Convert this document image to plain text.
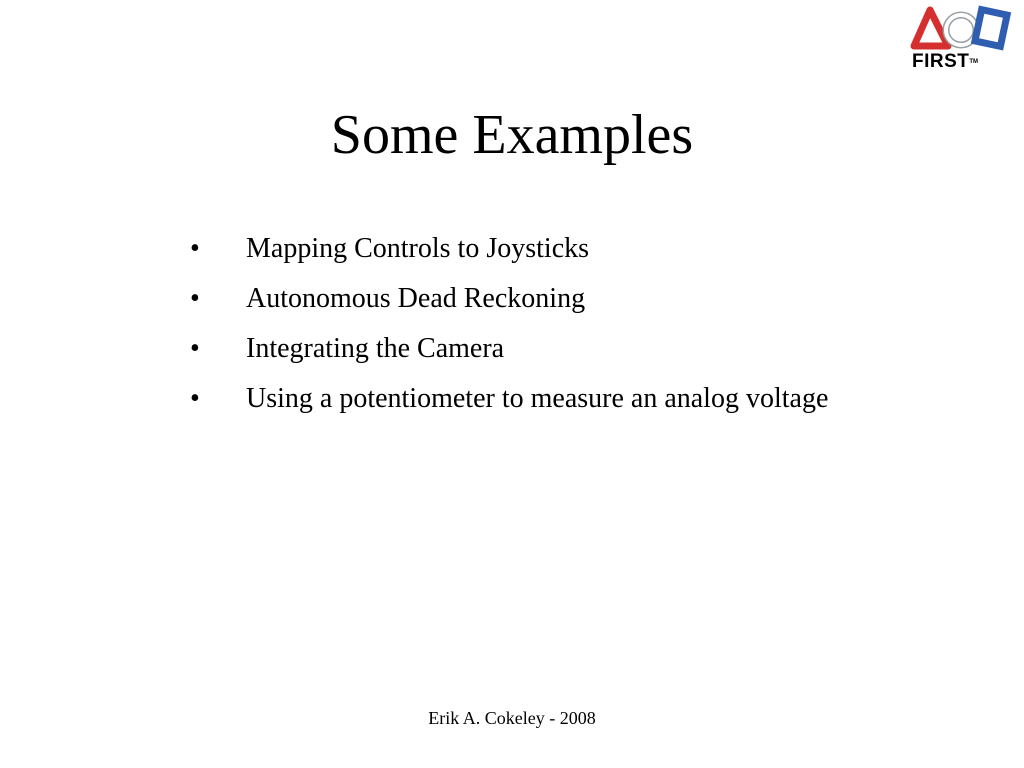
FIRST™
Some Examples
• Mapping Controls to Joysticks
• Autonomous Dead Reckoning
• Integrating the Camera
• Using a potentiometer to measure an analog voltage
Erik A. Cokeley - 2008
